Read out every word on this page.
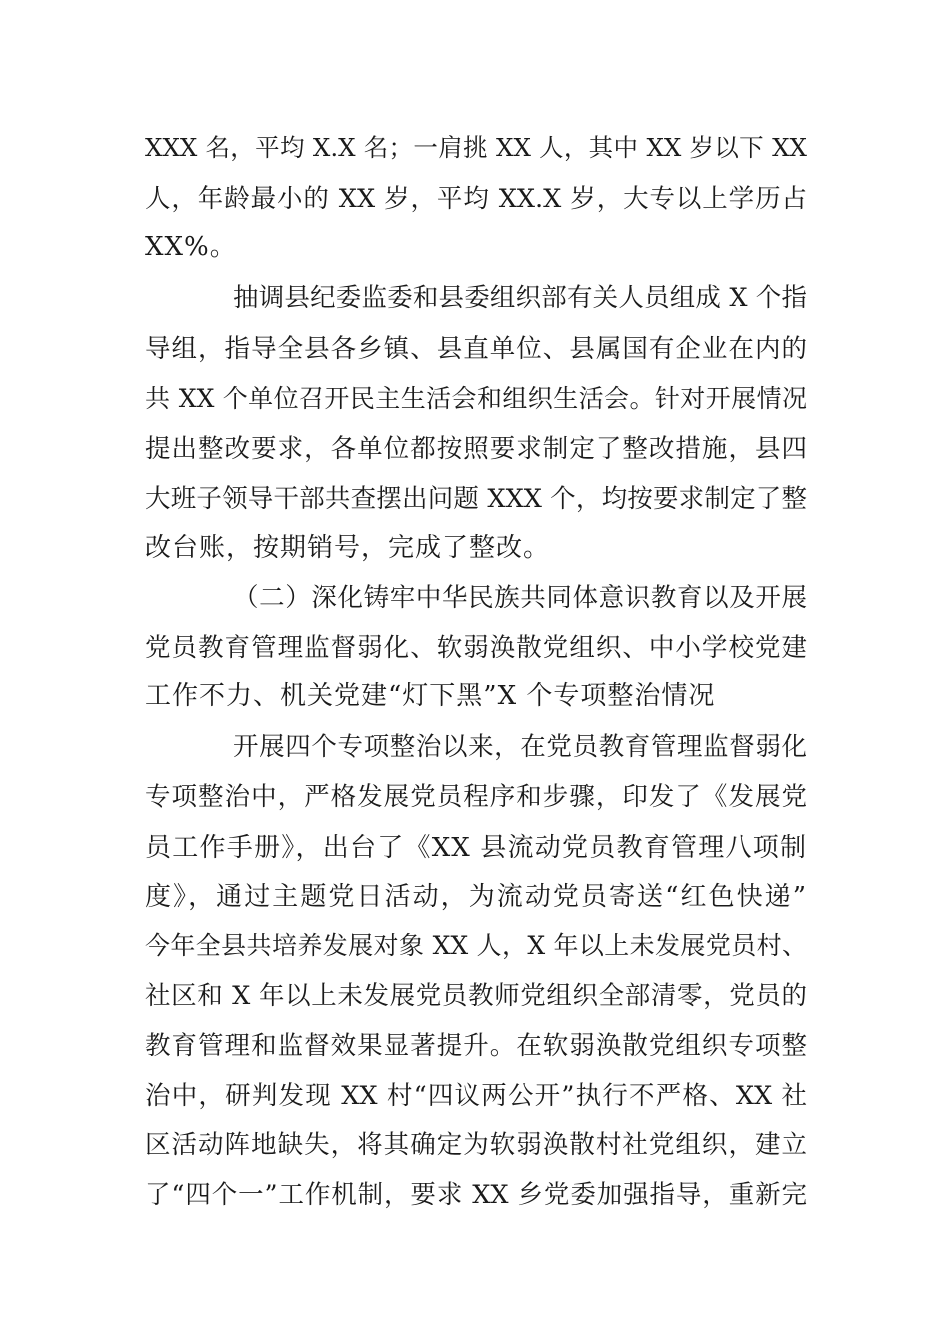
XXX 名，平均 X.X 名；一肩挑 XX 人，其中 XX 岁以下 XX
人，年龄最小的 XX 岁，平均 XX.X 岁，大专以上学历占
XX%。
抽调县纪委监委和县委组织部有关人员组成 X 个指
导组，指导全县各乡镇、县直单位、县属国有企业在内的
共 XX 个单位召开民主生活会和组织生活会。针对开展情况
提出整改要求，各单位都按照要求制定了整改措施，县四
大班子领导干部共查摆出问题 XXX 个，均按要求制定了整
改台账，按期销号，完成了整改。
（二）深化铸牢中华民族共同体意识教育以及开展
党员教育管理监督弱化、软弱涣散党组织、中小学校党建
工作不力、机关党建“灯下黑”X 个专项整治情况
开展四个专项整治以来，在党员教育管理监督弱化
专项整治中，严格发展党员程序和步骤，印发了《发展党
员工作手册》，出台了《XX 县流动党员教育管理八项制
度》，通过主题党日活动，为流动党员寄送“红色快递”
今年全县共培养发展对象 XX 人，X 年以上未发展党员村、
社区和 X 年以上未发展党员教师党组织全部清零，党员的
教育管理和监督效果显著提升。在软弱涣散党组织专项整
治中，研判发现 XX 村“四议两公开”执行不严格、XX 社
区活动阵地缺失，将其确定为软弱涣散村社党组织，建立
了“四个一”工作机制，要求 XX 乡党委加强指导，重新完
